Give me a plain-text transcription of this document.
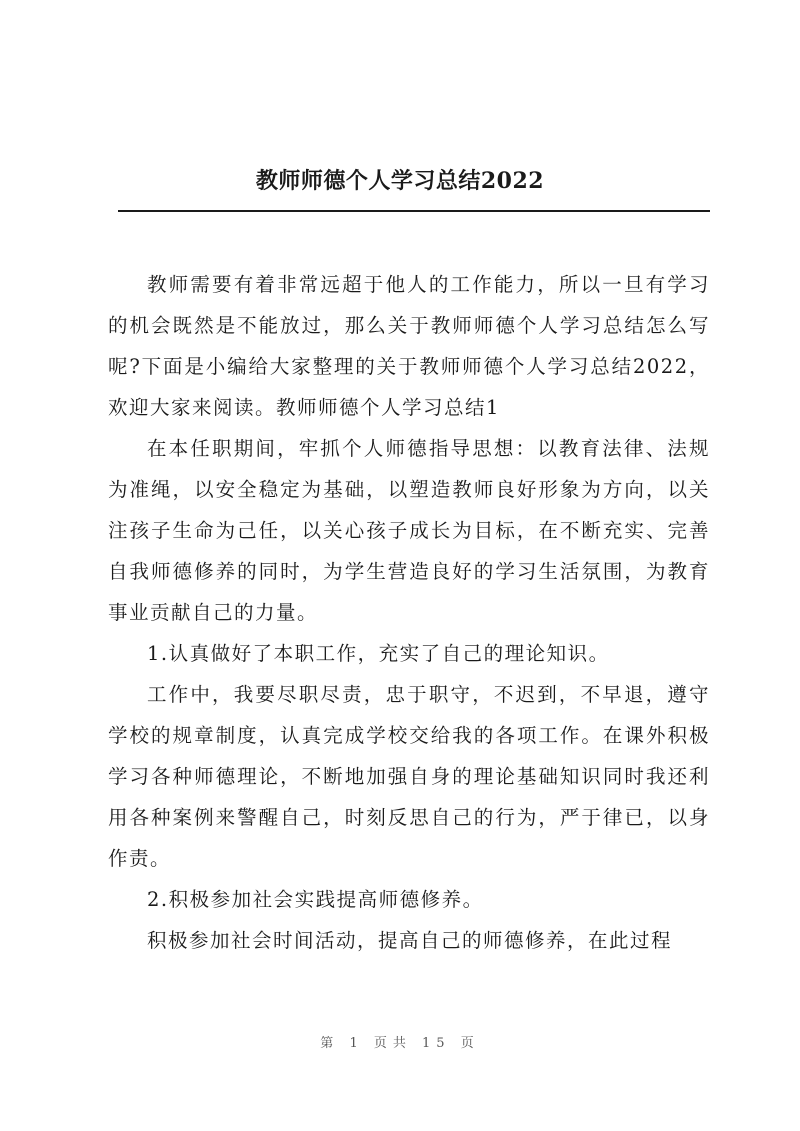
教师师德个人学习总结2022

教师需要有着非常远超于他人的工作能力，所以一旦有学习的机会既然是不能放过，那么关于教师师德个人学习总结怎么写呢?下面是小编给大家整理的关于教师师德个人学习总结2022，欢迎大家来阅读。教师师德个人学习总结1

在本任职期间，牢抓个人师德指导思想：以教育法律、法规为准绳，以安全稳定为基础，以塑造教师良好形象为方向，以关注孩子生命为己任，以关心孩子成长为目标，在不断充实、完善自我师德修养的同时，为学生营造良好的学习生活氛围，为教育事业贡献自己的力量。

1.认真做好了本职工作，充实了自己的理论知识。

工作中，我要尽职尽责，忠于职守，不迟到，不早退，遵守学校的规章制度，认真完成学校交给我的各项工作。在课外积极学习各种师德理论，不断地加强自身的理论基础知识同时我还利用各种案例来警醒自己，时刻反思自己的行为，严于律已，以身作责。

2.积极参加社会实践提高师德修养。

积极参加社会时间活动，提高自己的师德修养，在此过程

第 1 页共 15 页
